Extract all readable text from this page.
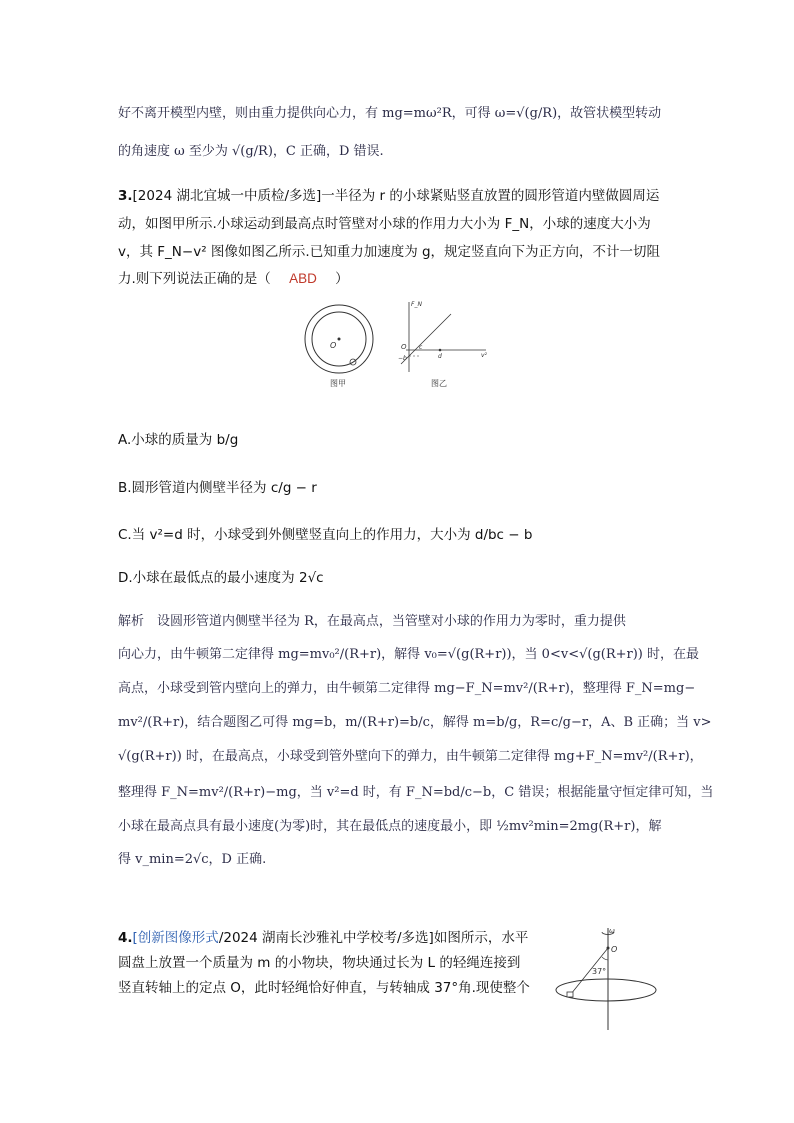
好不离开模型内壁，则由重力提供向心力，有 mg=mω²R，可得 ω=√(g/R)，故管状模型转动
的角速度 ω 至少为 √(g/R)，C 正确，D 错误.
3.[2024 湖北宜城一中质检/多选]一半径为 r 的小球紧贴竖直放置的圆形管道内壁做圆周运
动，如图甲所示.小球运动到最高点时管壁对小球的作用力大小为 F_N，小球的速度大小为
v，其 F_N−v² 图像如图乙所示.已知重力加速度为 g，规定竖直向下为正方向，不计一切阻
力.则下列说法正确的是（ ABD ）
O
图甲
F_N
v²
O
−b
c
d
图乙
A.小球的质量为 b/g
B.圆形管道内侧壁半径为 c/g − r
C.当 v²=d 时，小球受到外侧壁竖直向上的作用力，大小为 d/bc − b
D.小球在最低点的最小速度为 2√c
解析　设圆形管道内侧壁半径为 R，在最高点，当管壁对小球的作用力为零时，重力提供
向心力，由牛顿第二定律得 mg=mv₀²/(R+r)，解得 v₀=√(g(R+r))，当 0<v<√(g(R+r)) 时，在最
高点，小球受到管内壁向上的弹力，由牛顿第二定律得 mg−F_N=mv²/(R+r)，整理得 F_N=mg−
mv²/(R+r)，结合题图乙可得 mg=b，m/(R+r)=b/c，解得 m=b/g，R=c/g−r，A、B 正确；当 v>
√(g(R+r)) 时，在最高点，小球受到管外壁向下的弹力，由牛顿第二定律得 mg+F_N=mv²/(R+r)，
整理得 F_N=mv²/(R+r)−mg，当 v²=d 时，有 F_N=bd/c−b，C 错误；根据能量守恒定律可知，当
小球在最高点具有最小速度(为零)时，其在最低点的速度最小，即 ½mv²min=2mg(R+r)，解
得 v_min=2√c，D 正确.
4.[创新图像形式/2024 湖南长沙雅礼中学校考/多选]如图所示，水平
圆盘上放置一个质量为 m 的小物块，物块通过长为 L 的轻绳连接到
竖直转轴上的定点 O，此时轻绳恰好伸直，与转轴成 37°角.现使整个
ω
O
37°
